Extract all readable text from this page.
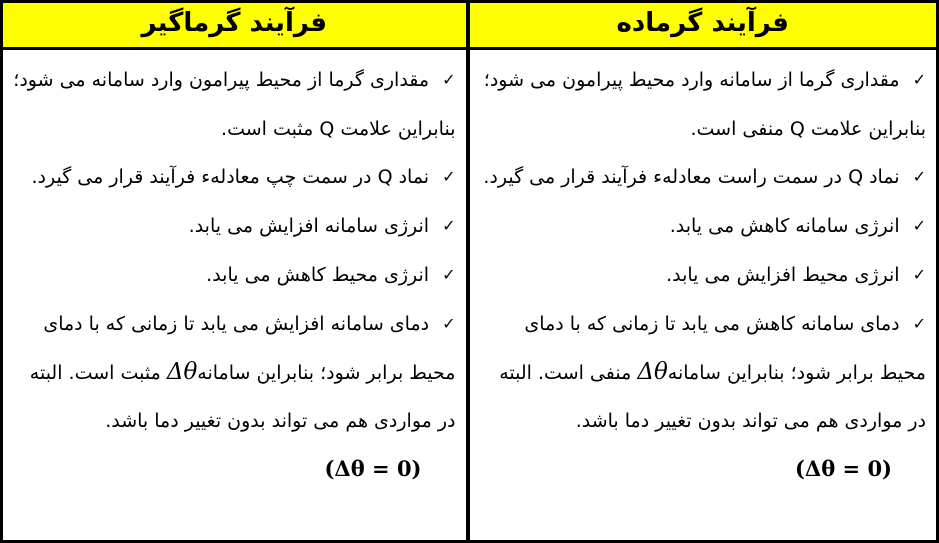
فرآیند گرماده

✓مقداری گرما از سامانه وارد محیط پیرامون می شود؛ بنابراین علامت Q منفی است.

✓نماد Q در سمت راست معادلهء فرآیند قرار می گیرد.

✓انرژی سامانه کاهش می یابد.

✓انرژی محیط افزایش می یابد.

✓دمای سامانه کاهش می یابد تا زمانی که با دمای محیط برابر شود؛ بنابراین سامانهΔθ منفی است. البته در مواردی هم می تواند بدون تغییر دما باشد.

(Δθ = 0)
فرآیند گرماگیر

✓مقداری گرما از محیط پیرامون وارد سامانه می شود؛ بنابراین علامت Q مثبت است.

✓نماد Q در سمت چپ معادلهء فرآیند قرار می گیرد.

✓انرژی سامانه افزایش می یابد.

✓انرژی محیط کاهش می یابد.

✓دمای سامانه افزایش می یابد تا زمانی که با دمای محیط برابر شود؛ بنابراین سامانهΔθ مثبت است. البته در مواردی هم می تواند بدون تغییر دما باشد.

(Δθ = 0)
